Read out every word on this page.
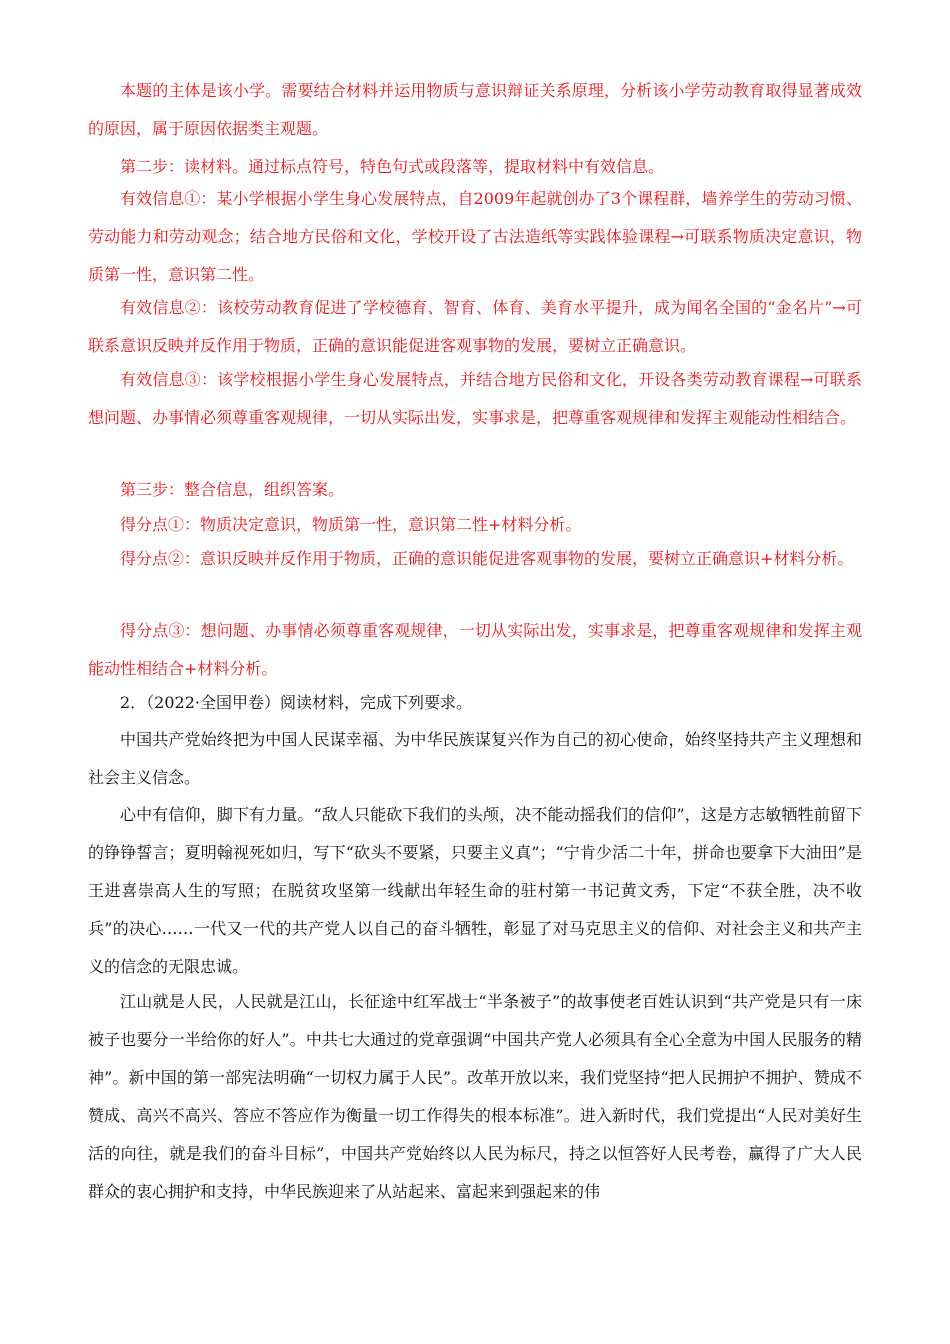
本题的主体是该小学。需要结合材料并运用物质与意识辩证关系原理，分析该小学劳动教育取得显著成效的原因，属于原因依据类主观题。

第二步：读材料。通过标点符号，特色句式或段落等，提取材料中有效信息。

有效信息①：某小学根据小学生身心发展特点，自2009年起就创办了3个课程群，墙养学生的劳动习惯、劳动能力和劳动观念；结合地方民俗和文化，学校开设了古法造纸等实践体验课程→可联系物质决定意识，物质第一性，意识第二性。

有效信息②：该校劳动教育促进了学校德育、智育、体育、美育水平提升，成为闻名全国的“金名片”→可联系意识反映并反作用于物质，正确的意识能促进客观事物的发展，要树立正确意识。

有效信息③：该学校根据小学生身心发展特点，并结合地方民俗和文化，开设各类劳动教育课程→可联系想问题、办事情必须尊重客观规律，一切从实际出发，实事求是，把尊重客观规律和发挥主观能动性相结合。

第三步：整合信息，组织答案。

得分点①：物质决定意识，物质第一性，意识第二性+材料分析。

得分点②：意识反映并反作用于物质，正确的意识能促进客观事物的发展，要树立正确意识+材料分析。

得分点③：想问题、办事情必须尊重客观规律，一切从实际出发，实事求是，把尊重客观规律和发挥主观能动性相结合+材料分析。

2．（2022·全国甲卷）阅读材料，完成下列要求。

中国共产党始终把为中国人民谋幸福、为中华民族谋复兴作为自己的初心使命，始终坚持共产主义理想和社会主义信念。

心中有信仰，脚下有力量。“敌人只能砍下我们的头颅，决不能动摇我们的信仰”，这是方志敏牺牲前留下的铮铮誓言；夏明翰视死如归，写下“砍头不要紧，只要主义真”；“宁肯少活二十年，拼命也要拿下大油田”是王进喜崇高人生的写照；在脱贫攻坚第一线献出年轻生命的驻村第一书记黄文秀，下定“不获全胜，决不收兵”的决心……一代又一代的共产党人以自己的奋斗牺牲，彰显了对马克思主义的信仰、对社会主义和共产主义的信念的无限忠诚。

江山就是人民，人民就是江山，长征途中红军战士“半条被子”的故事使老百姓认识到“共产党是只有一床被子也要分一半给你的好人”。中共七大通过的党章强调“中国共产党人必须具有全心全意为中国人民服务的精神”。新中国的第一部宪法明确“一切权力属于人民”。改革开放以来，我们党坚持“把人民拥护不拥护、赞成不赞成、高兴不高兴、答应不答应作为衡量一切工作得失的根本标准”。进入新时代，我们党提出“人民对美好生活的向往，就是我们的奋斗目标”，中国共产党始终以人民为标尺，持之以恒答好人民考卷，赢得了广大人民群众的衷心拥护和支持，中华民族迎来了从站起来、富起来到强起来的伟
